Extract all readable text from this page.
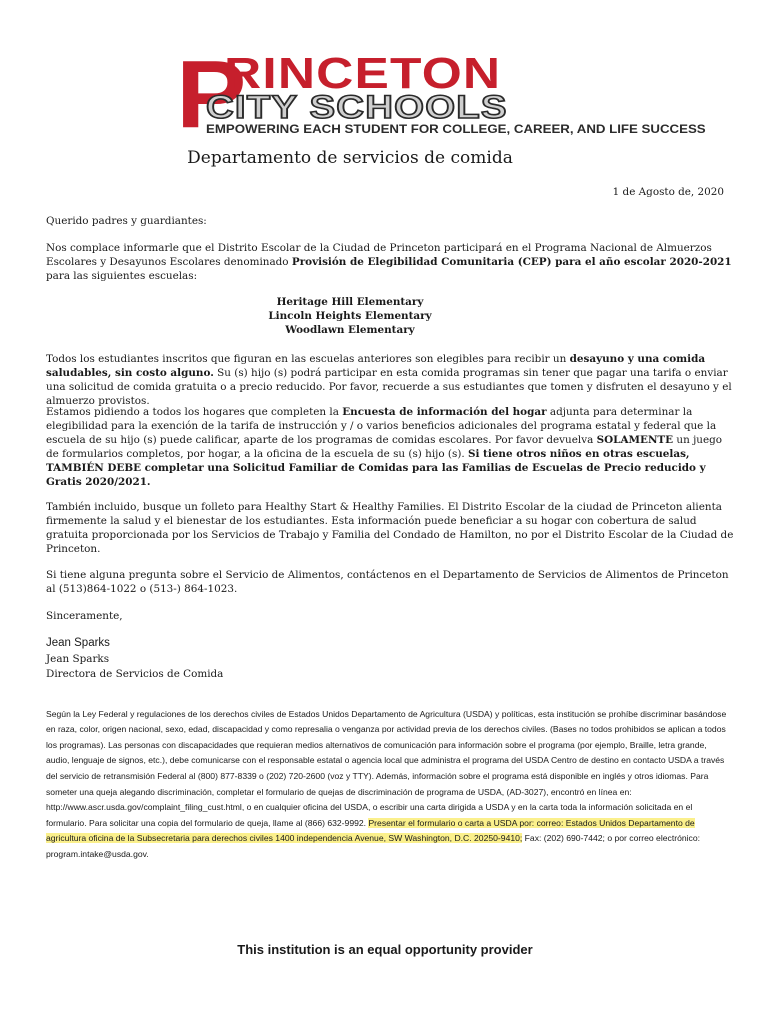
P
RINCETON
CITY SCHOOLS
EMPOWERING EACH STUDENT FOR COLLEGE, CAREER, AND LIFE SUCCESS
Departamento de servicios de comida
1 de Agosto de, 2020

Querido padres y guardiantes:

Nos complace informarle que el Distrito Escolar de la Ciudad de Princeton participará en el Programa Nacional de Almuerzos Escolares y Desayunos Escolares denominado Provisión de Elegibilidad Comunitaria (CEP) para el año escolar 2020-2021 para las siguientes escuelas:

Heritage Hill Elementary
Lincoln Heights Elementary
Woodlawn Elementary

Todos los estudiantes inscritos que figuran en las escuelas anteriores son elegibles para recibir un desayuno y una comida saludables, sin costo alguno. Su (s) hijo (s) podrá participar en esta comida programas sin tener que pagar una tarifa o enviar una solicitud de comida gratuita o a precio reducido. Por favor, recuerde a sus estudiantes que tomen y disfruten el desayuno y el almuerzo provistos.

Estamos pidiendo a todos los hogares que completen la Encuesta de información del hogar adjunta para determinar la elegibilidad para la exención de la tarifa de instrucción y / o varios beneficios adicionales del programa estatal y federal que la escuela de su hijo (s) puede calificar, aparte de los programas de comidas escolares. Por favor devuelva SOLAMENTE un juego de formularios completos, por hogar, a la oficina de la escuela de su (s) hijo (s). Si tiene otros niños en otras escuelas, TAMBIÉN DEBE completar una Solicitud Familiar de Comidas para las Familias de Escuelas de Precio reducido y Gratis 2020/2021.

También incluido, busque un folleto para Healthy Start & Healthy Families. El Distrito Escolar de la ciudad de Princeton alienta firmemente la salud y el bienestar de los estudiantes. Esta información puede beneficiar a su hogar con cobertura de salud gratuita proporcionada por los Servicios de Trabajo y Familia del Condado de Hamilton, no por el Distrito Escolar de la Ciudad de Princeton.

Si tiene alguna pregunta sobre el Servicio de Alimentos, contáctenos en el Departamento de Servicios de Alimentos de Princeton al (513)864-1022 o (513-) 864-1023.

Sinceramente,

Jean Sparks

Jean Sparks

Directora de Servicios de Comida

Según la Ley Federal y regulaciones de los derechos civiles de Estados Unidos Departamento de Agricultura (USDA) y políticas, esta institución se prohíbe discriminar basándose en raza, color, origen nacional, sexo, edad, discapacidad y como represalia o venganza por actividad previa de los derechos civiles. (Bases no todos prohibidos se aplican a todos los programas). Las personas con discapacidades que requieran medios alternativos de comunicación para información sobre el programa (por ejemplo, Braille, letra grande, audio, lenguaje de signos, etc.), debe comunicarse con el responsable estatal o agencia local que administra el programa del USDA Centro de destino en contacto USDA a través del servicio de retransmisión Federal al (800) 877-8339 o (202) 720-2600 (voz y TTY). Además, información sobre el programa está disponible en inglés y otros idiomas. Para someter una queja alegando discriminación, completar el formulario de quejas de discriminación de programa de USDA, (AD-3027), encontró en línea en: http://www.ascr.usda.gov/complaint_filing_cust.html, o en cualquier oficina del USDA, o escribir una carta dirigida a USDA y en la carta toda la información solicitada en el formulario. Para solicitar una copia del formulario de queja, llame al (866) 632-9992. Presentar el formulario o carta a USDA por: correo: Estados Unidos Departamento de agricultura oficina de la Subsecretaria para derechos civiles 1400 independencia Avenue, SW Washington, D.C. 20250-9410; Fax: (202) 690-7442; o por correo electrónico: program.intake@usda.gov.

This institution is an equal opportunity provider
